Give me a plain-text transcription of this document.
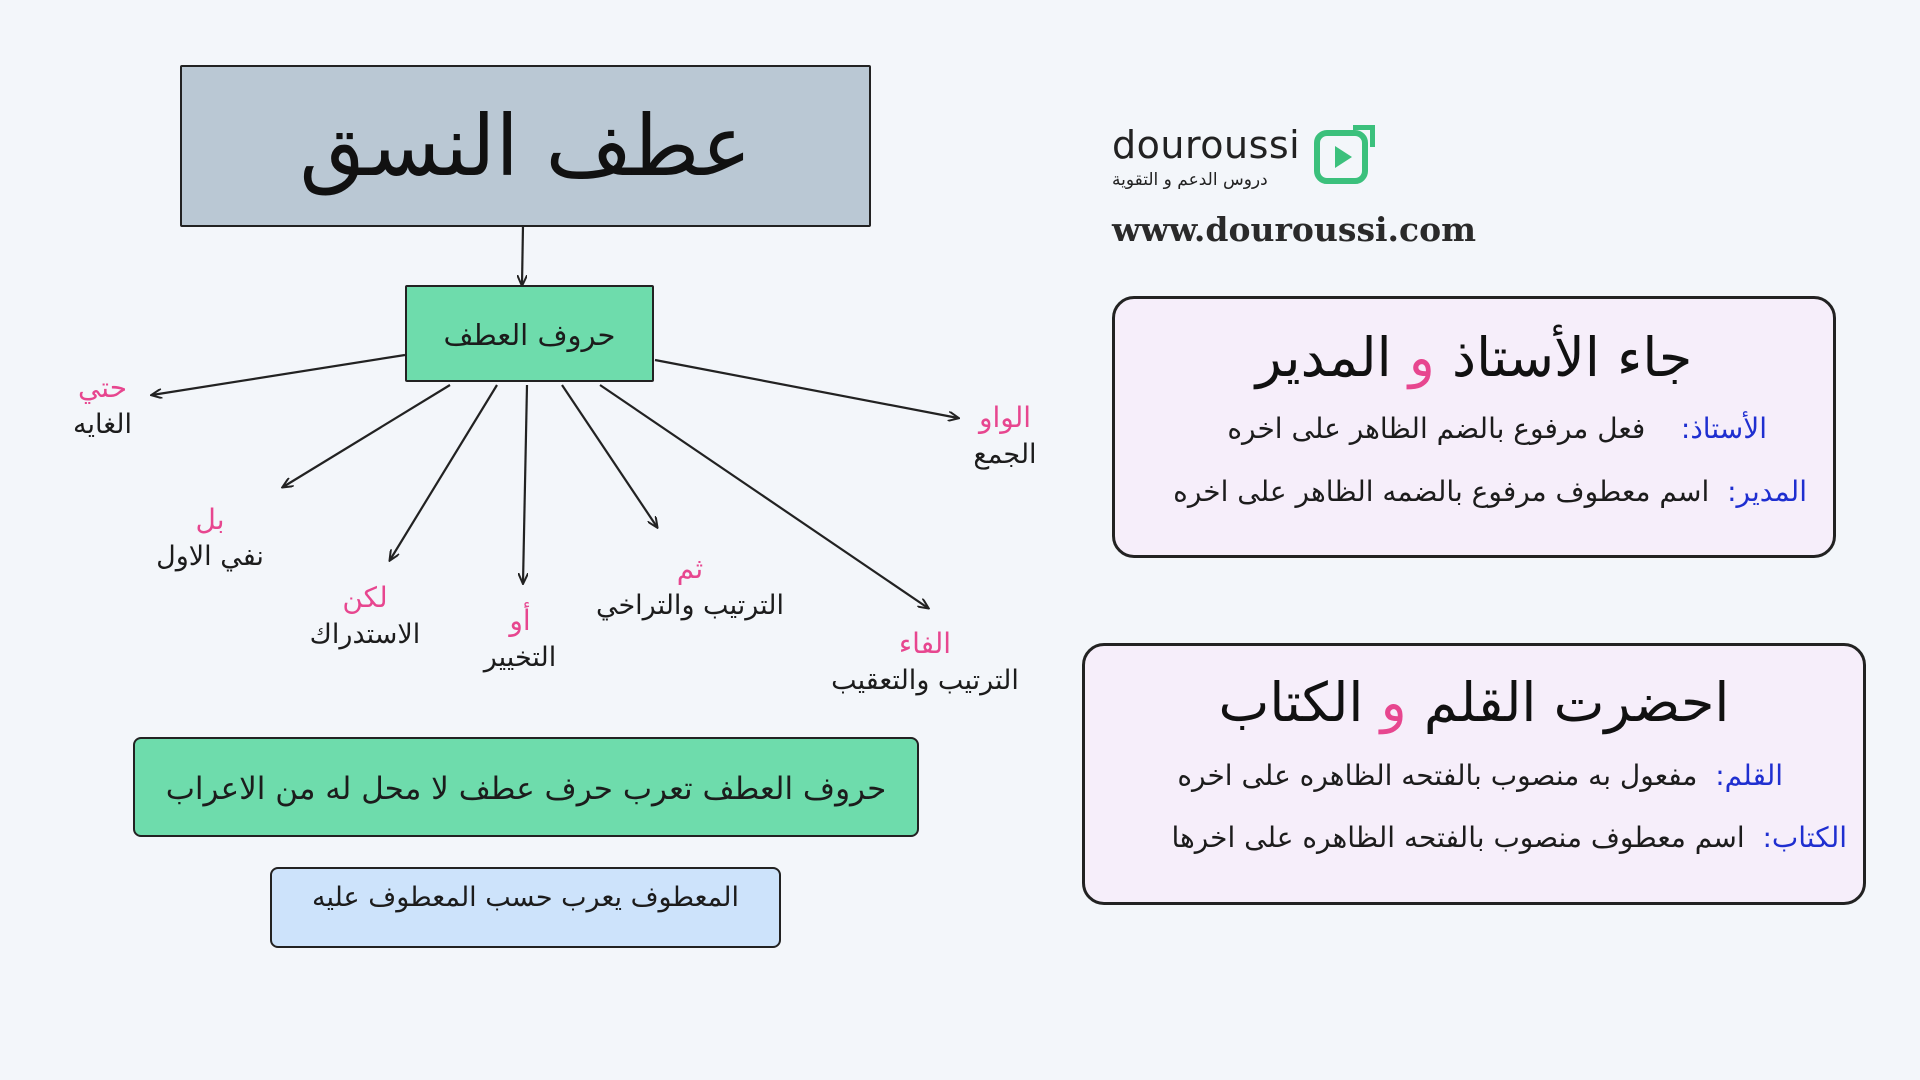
عطف النسق
حروف العطف
الواو
الجمع
الفاء
الترتيب والتعقيب
ثم
الترتيب والتراخي
أو
التخيير
لكن
الاستدراك
بل
نفي الاول
حتي
الغايه
حروف العطف تعرب حرف عطف لا محل له من الاعراب
المعطوف يعرب حسب المعطوف عليه
douroussi
دروس الدعم و التقوية
www.douroussi.com
جاء الأستاذ و المدير
الأستاذ:    فعل مرفوع بالضم الظاهر على اخره
المدير:  اسم معطوف مرفوع بالضمه الظاهر على اخره
احضرت القلم و الكتاب
القلم:  مفعول به منصوب بالفتحه الظاهره على اخره
الكتاب:  اسم معطوف منصوب بالفتحه الظاهره على اخرها
